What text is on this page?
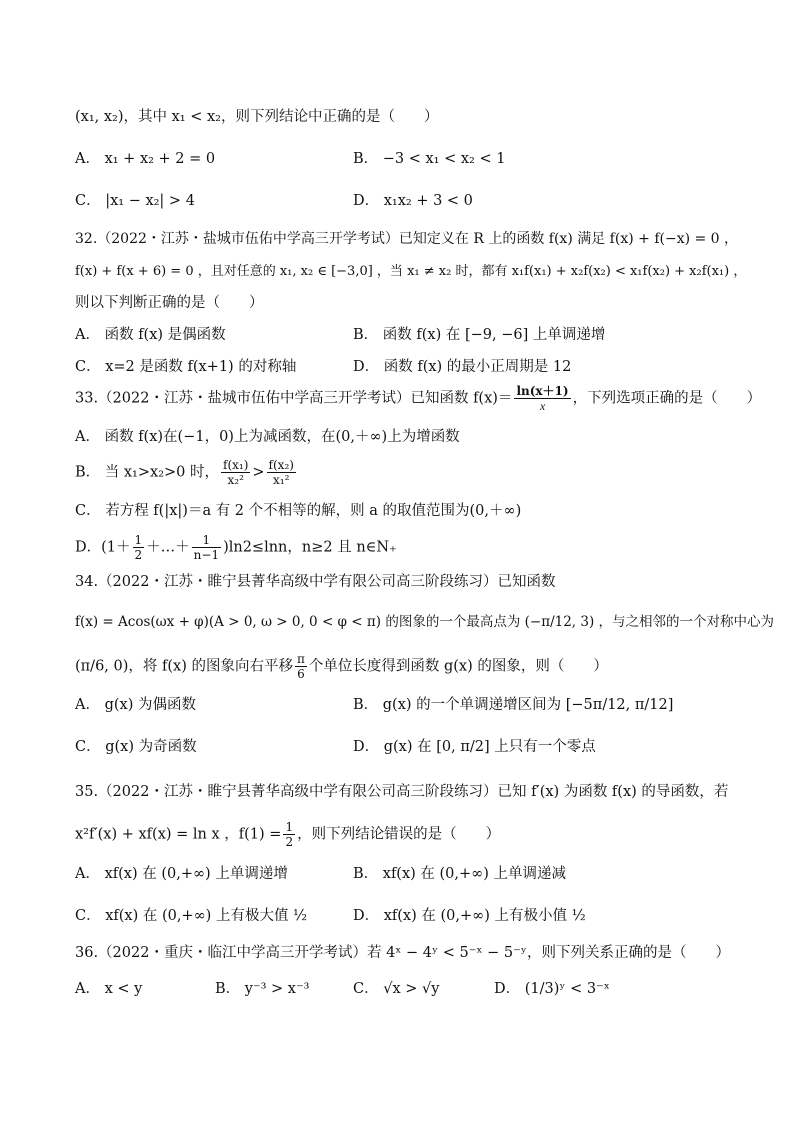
(x₁, x₂)，其中 x₁ < x₂，则下列结论中正确的是（　　）
A． x₁ + x₂ + 2 = 0	B． −3 < x₁ < x₂ < 1
C． |x₁ − x₂| > 4	D． x₁x₂ + 3 < 0
32.（2022・江苏・盐城市伍佑中学高三开学考试）已知定义在 R 上的函数 f(x) 满足 f(x) + f(−x) = 0 ，
f(x) + f(x + 6) = 0 ，且对任意的 x₁, x₂ ∈ [−3,0] ，当 x₁ ≠ x₂ 时，都有 x₁f(x₁) + x₂f(x₂) < x₁f(x₂) + x₂f(x₁) ，
则以下判断正确的是（　　）
A． 函数 f(x) 是偶函数	B． 函数 f(x) 在 [−9, −6] 上单调递增
C． x=2 是函数 f(x+1) 的对称轴	D． 函数 f(x) 的最小正周期是 12
33.（2022・江苏・盐城市伍佑中学高三开学考试）已知函数 $f(x)= \frac{\ln(x+1)}{x}$ ，下列选项正确的是（　　）
A． 函数 f(x)在(−1，0)上为减函数，在(0,＋∞)上为增函数
B． 当 x₁>x₂>0 时， $\frac{\text{f(x₁)}}{\text{x₂²}} > \frac{\text{f(x₂)}}{\text{x₁²}}$
C． 若方程 f(|x|)＝a 有 2 个不相等的解，则 a 的取值范围为(0,＋∞)
D．($1+ \frac{1}{2}$ ＋…＋ $\frac{1}{n-1} )\ln 2\le\ln n$，n≥2 且 n∈N₊
34.（2022・江苏・睢宁县菁华高级中学有限公司高三阶段练习）已知函数
f(x) = Acos(ωx + φ)(A > 0, ω > 0, 0 < φ < π) 的图象的一个最高点为 (−π/12, 3) ，与之相邻的一个对称中心为
(π/6, 0)，将 f(x) 的图象向右平移 $\frac{\pi}{6}$ 个单位长度得到函数 g(x) 的图象，则（　　）
A． g(x) 为偶函数	B． g(x) 的一个单调递增区间为 [−5π/12, π/12]
C． g(x) 为奇函数	D． g(x) 在 [0, π/2] 上只有一个零点
35.（2022・江苏・睢宁县菁华高级中学有限公司高三阶段练习）已知 f′(x) 为函数 f(x) 的导函数，若
x²f′(x) + xf(x) = ln x ，$f(1) = \frac{1}{2}$ ，则下列结论错误的是（　　）
A． xf(x) 在 (0,+∞) 上单调递增	B． xf(x) 在 (0,+∞) 上单调递减
C． xf(x) 在 (0,+∞) 上有极大值 ½	D． xf(x) 在 (0,+∞) 上有极小值 ½
36.（2022・重庆・临江中学高三开学考试）若 4ˣ − 4ʸ < 5⁻ˣ − 5⁻ʸ，则下列关系正确的是（　　）
A． x < y	B． y⁻³ > x⁻³	C． √x > √y	D． (1/3)ʸ < 3⁻ˣ
